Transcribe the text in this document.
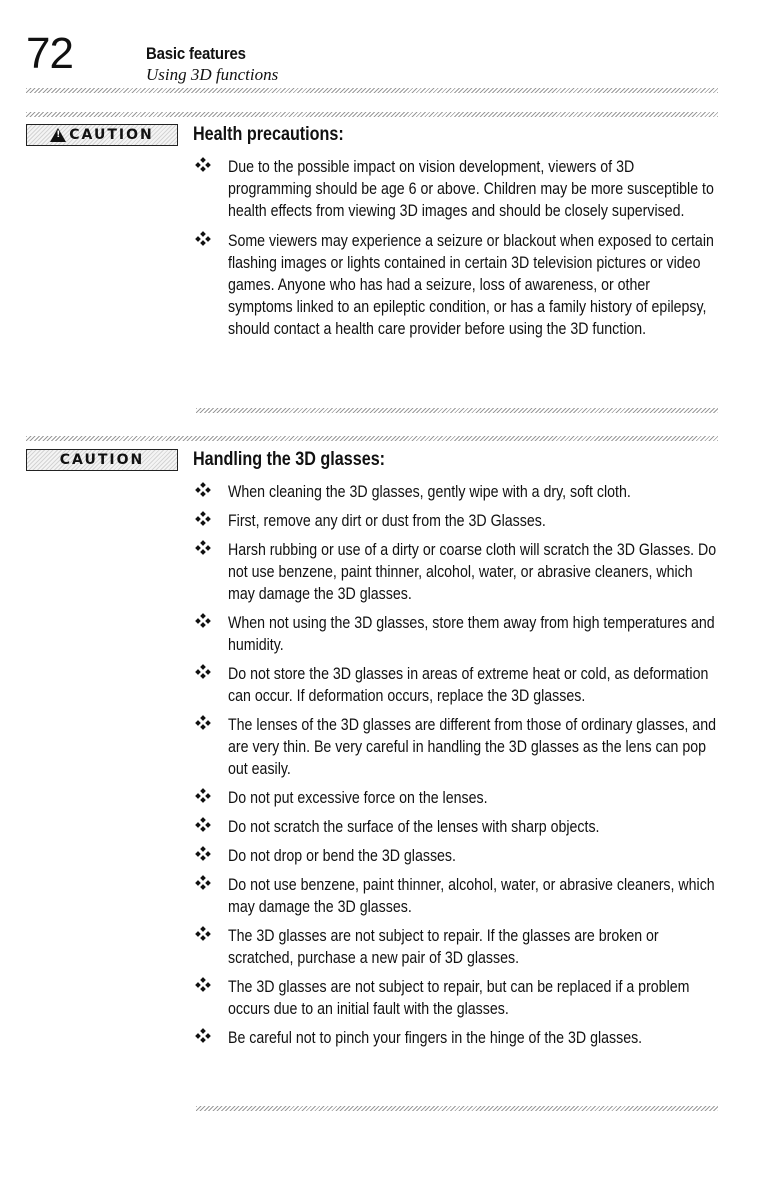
72	Basic features
Using 3D functions
! CAUTION Health precautions:
Due to the possible impact on vision development, viewers of 3D programming should be age 6 or above. Children may be more susceptible to health effects from viewing 3D images and should be closely supervised.
Some viewers may experience a seizure or blackout when exposed to certain flashing images or lights contained in certain 3D television pictures or video games. Anyone who has had a seizure, loss of awareness, or other symptoms linked to an epileptic condition, or has a family history of epilepsy, should contact a health care provider before using the 3D function.
CAUTION	Handling the 3D glasses:
When cleaning the 3D glasses, gently wipe with a dry, soft cloth.
First, remove any dirt or dust from the 3D Glasses.
Harsh rubbing or use of a dirty or coarse cloth will scratch the 3D Glasses. Do not use benzene, paint thinner, alcohol, water, or abrasive cleaners, which may damage the 3D glasses.
When not using the 3D glasses, store them away from high temperatures and humidity.
Do not store the 3D glasses in areas of extreme heat or cold, as deformation can occur. If deformation occurs, replace the 3D glasses.
The lenses of the 3D glasses are different from those of ordinary glasses, and are very thin. Be very careful in handling the 3D glasses as the lens can pop out easily.
Do not put excessive force on the lenses.
Do not scratch the surface of the lenses with sharp objects.
Do not drop or bend the 3D glasses.
Do not use benzene, paint thinner, alcohol, water, or abrasive cleaners, which may damage the 3D glasses.
The 3D glasses are not subject to repair. If the glasses are broken or scratched, purchase a new pair of 3D glasses.
The 3D glasses are not subject to repair, but can be replaced if a problem occurs due to an initial fault with the glasses.
Be careful not to pinch your fingers in the hinge of the 3D glasses.
